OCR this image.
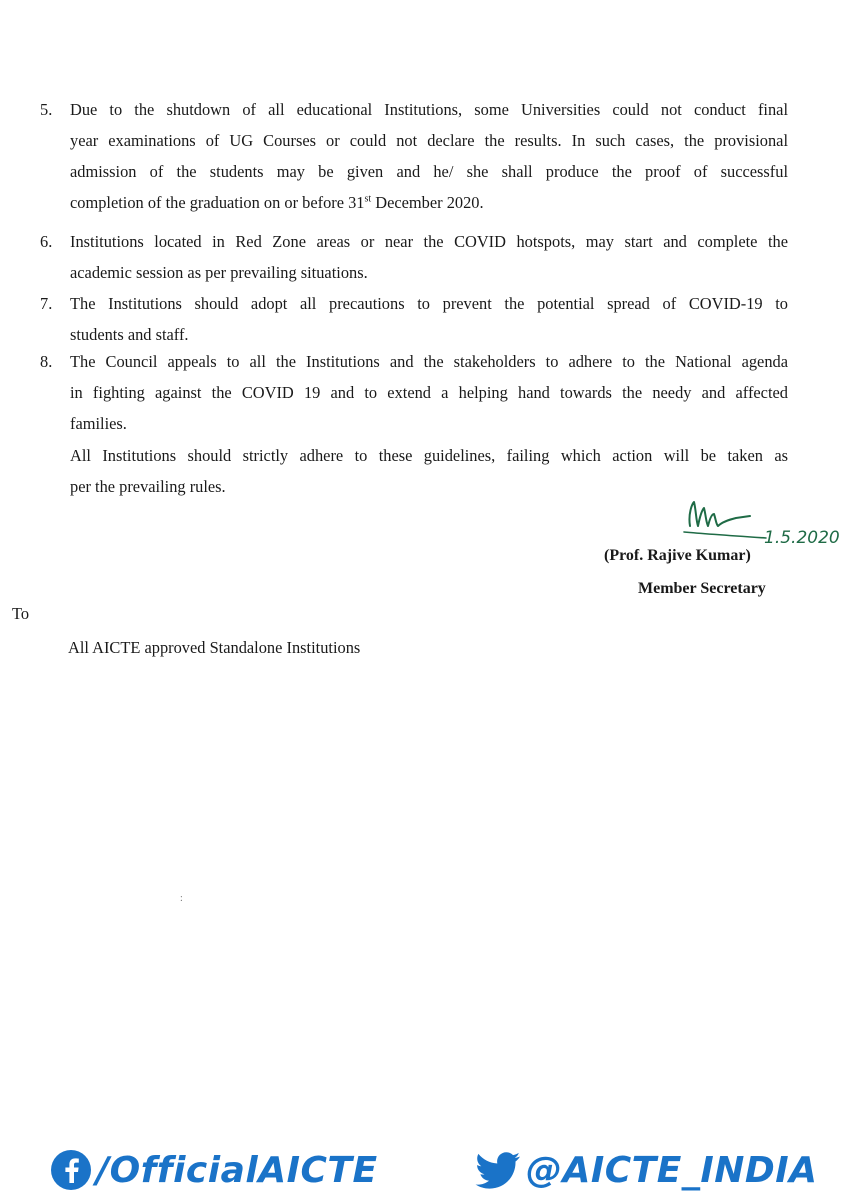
5.	Due to the shutdown of all educational Institutions, some Universities could not conduct final
year examinations of UG Courses or could not declare the results. In such cases, the provisional
admission of the students may be given and he/ she shall produce the proof of successful
completion of the graduation on or before 31st December 2020.
6.	Institutions located in Red Zone areas or near the COVID hotspots, may start and complete the
academic session as per prevailing situations.
7.	The Institutions should adopt all precautions to prevent the potential spread of COVID-19 to
students and staff.
8.	The Council appeals to all the Institutions and the stakeholders to adhere to the National agenda
in fighting against the COVID 19 and to extend a helping hand towards the needy and affected
families.
All Institutions should strictly adhere to these guidelines, failing which action will be taken as
per the prevailing rules.
1.5.2020
(Prof. Rajive Kumar)
Member Secretary
To
All AICTE approved Standalone Institutions
:
/OfficialAICTE	@AICTE_INDIA
